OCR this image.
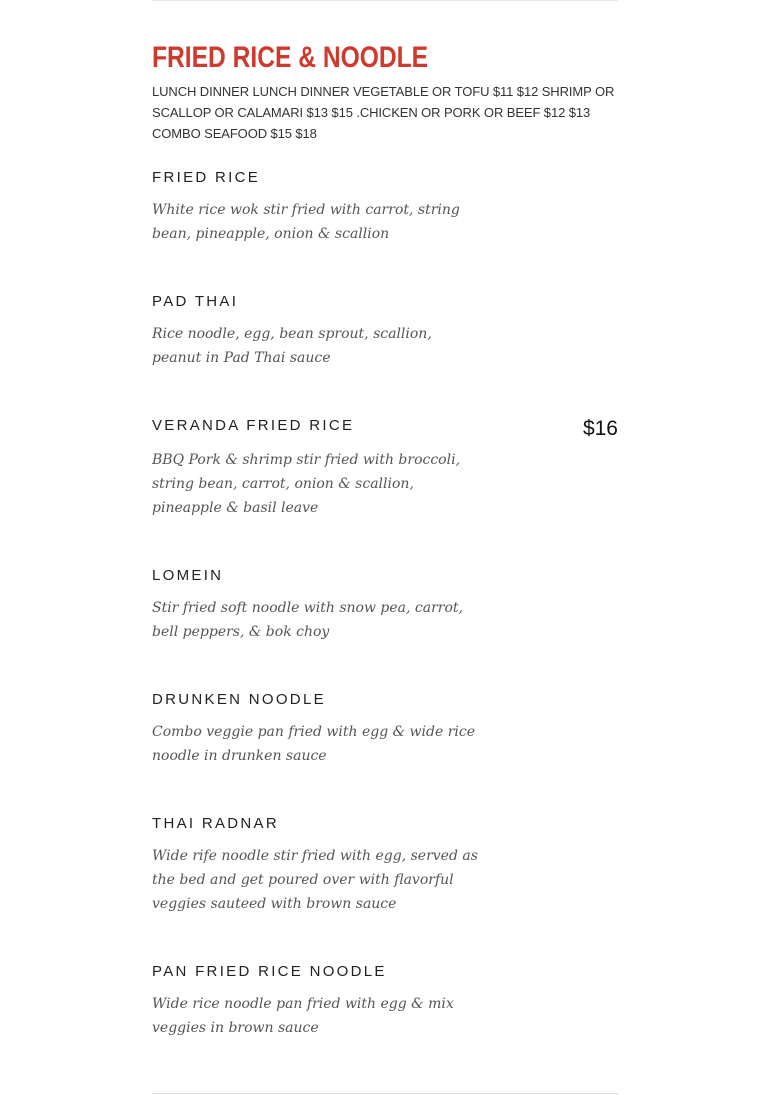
FRIED RICE & NOODLE

LUNCH DINNER LUNCH DINNER VEGETABLE OR TOFU $11 $12 SHRIMP OR SCALLOP OR CALAMARI $13 $15 .CHICKEN OR PORK OR BEEF $12 $13 COMBO SEAFOOD $15 $18

FRIED RICE

White rice wok stir fried with carrot, string bean, pineapple, onion & scallion

PAD THAI

Rice noodle, egg, bean sprout, scallion, peanut in Pad Thai sauce

VERANDA FRIED RICE	$16

BBQ Pork & shrimp stir fried with broccoli, string bean, carrot, onion & scallion, pineapple & basil leave

LOMEIN

Stir fried soft noodle with snow pea, carrot, bell peppers, & bok choy

DRUNKEN NOODLE

Combo veggie pan fried with egg & wide rice noodle in drunken sauce

THAI RADNAR

Wide rife noodle stir fried with egg, served as the bed and get poured over with flavorful veggies sauteed with brown sauce

PAN FRIED RICE NOODLE

Wide rice noodle pan fried with egg & mix veggies in brown sauce
